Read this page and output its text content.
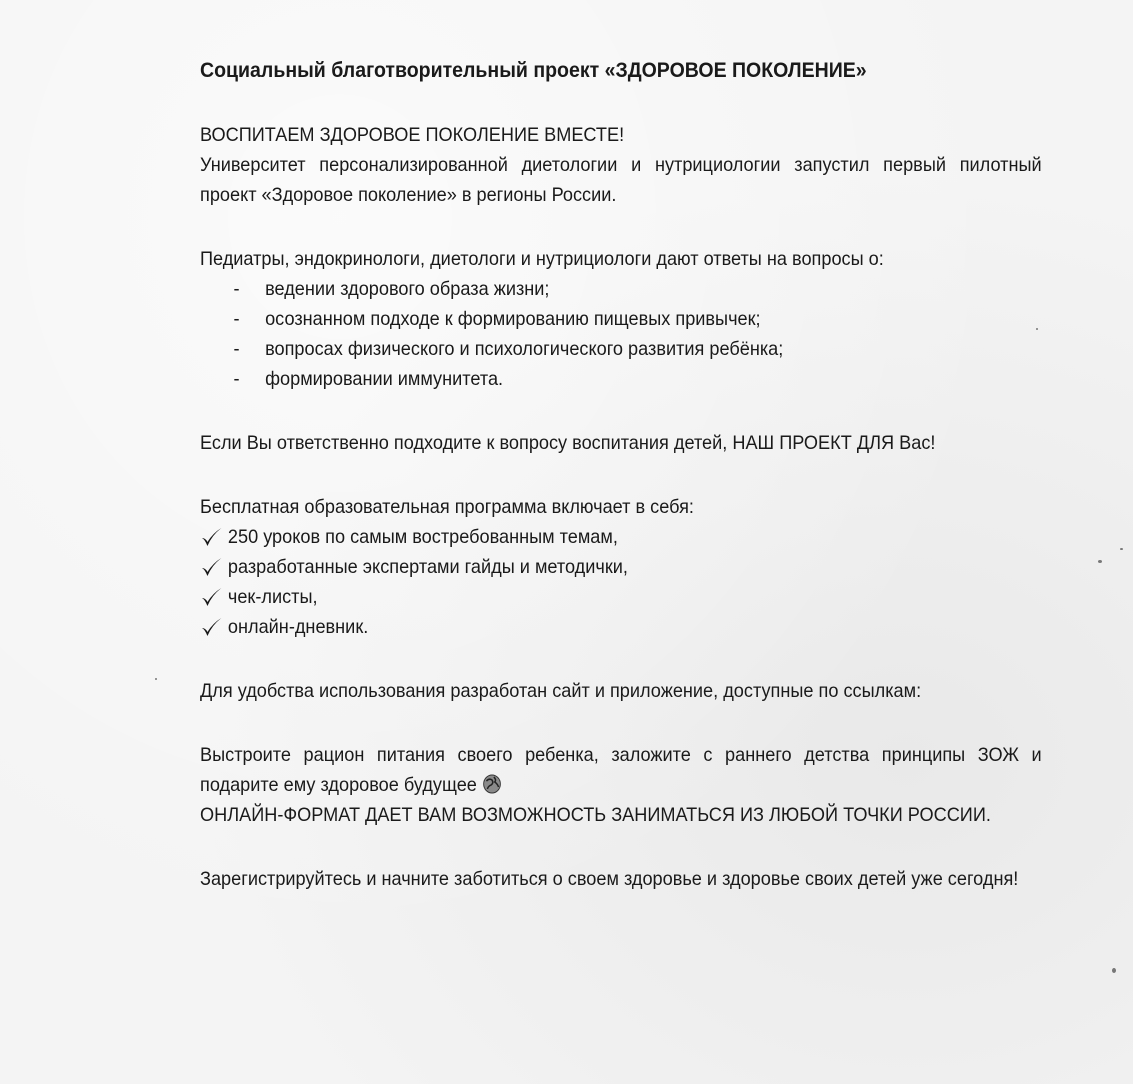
Социальный благотворительный проект «ЗДОРОВОЕ ПОКОЛЕНИЕ»

ВОСПИТАЕМ ЗДОРОВОЕ ПОКОЛЕНИЕ ВМЕСТЕ!

Университет персонализированной диетологии и нутрициологии запустил первый пилотный проект «Здоровое поколение» в регионы России.

Педиатры, эндокринологи, диетологи и нутрициологи дают ответы на вопросы о:

- ведении здорового образа жизни;
- осознанном подходе к формированию пищевых привычек;
- вопросах физического и психологического развития ребёнка;
- формировании иммунитета.

Если Вы ответственно подходите к вопросу воспитания детей, НАШ ПРОЕКТ ДЛЯ Вас!

Бесплатная образовательная программа включает в себя:

250 уроков по самым востребованным темам,
разработанные экспертами гайды и методички,
чек-листы,
онлайн-дневник.

Для удобства использования разработан сайт и приложение, доступные по ссылкам:

Выстроите рацион питания своего ребенка, заложите с раннего детства принципы ЗОЖ и подарите ему здоровое будущее

ОНЛАЙН-ФОРМАТ ДАЕТ ВАМ ВОЗМОЖНОСТЬ ЗАНИМАТЬСЯ ИЗ ЛЮБОЙ ТОЧКИ РОССИИ.

Зарегистрируйтесь и начните заботиться о своем здоровье и здоровье своих детей уже сегодня!
